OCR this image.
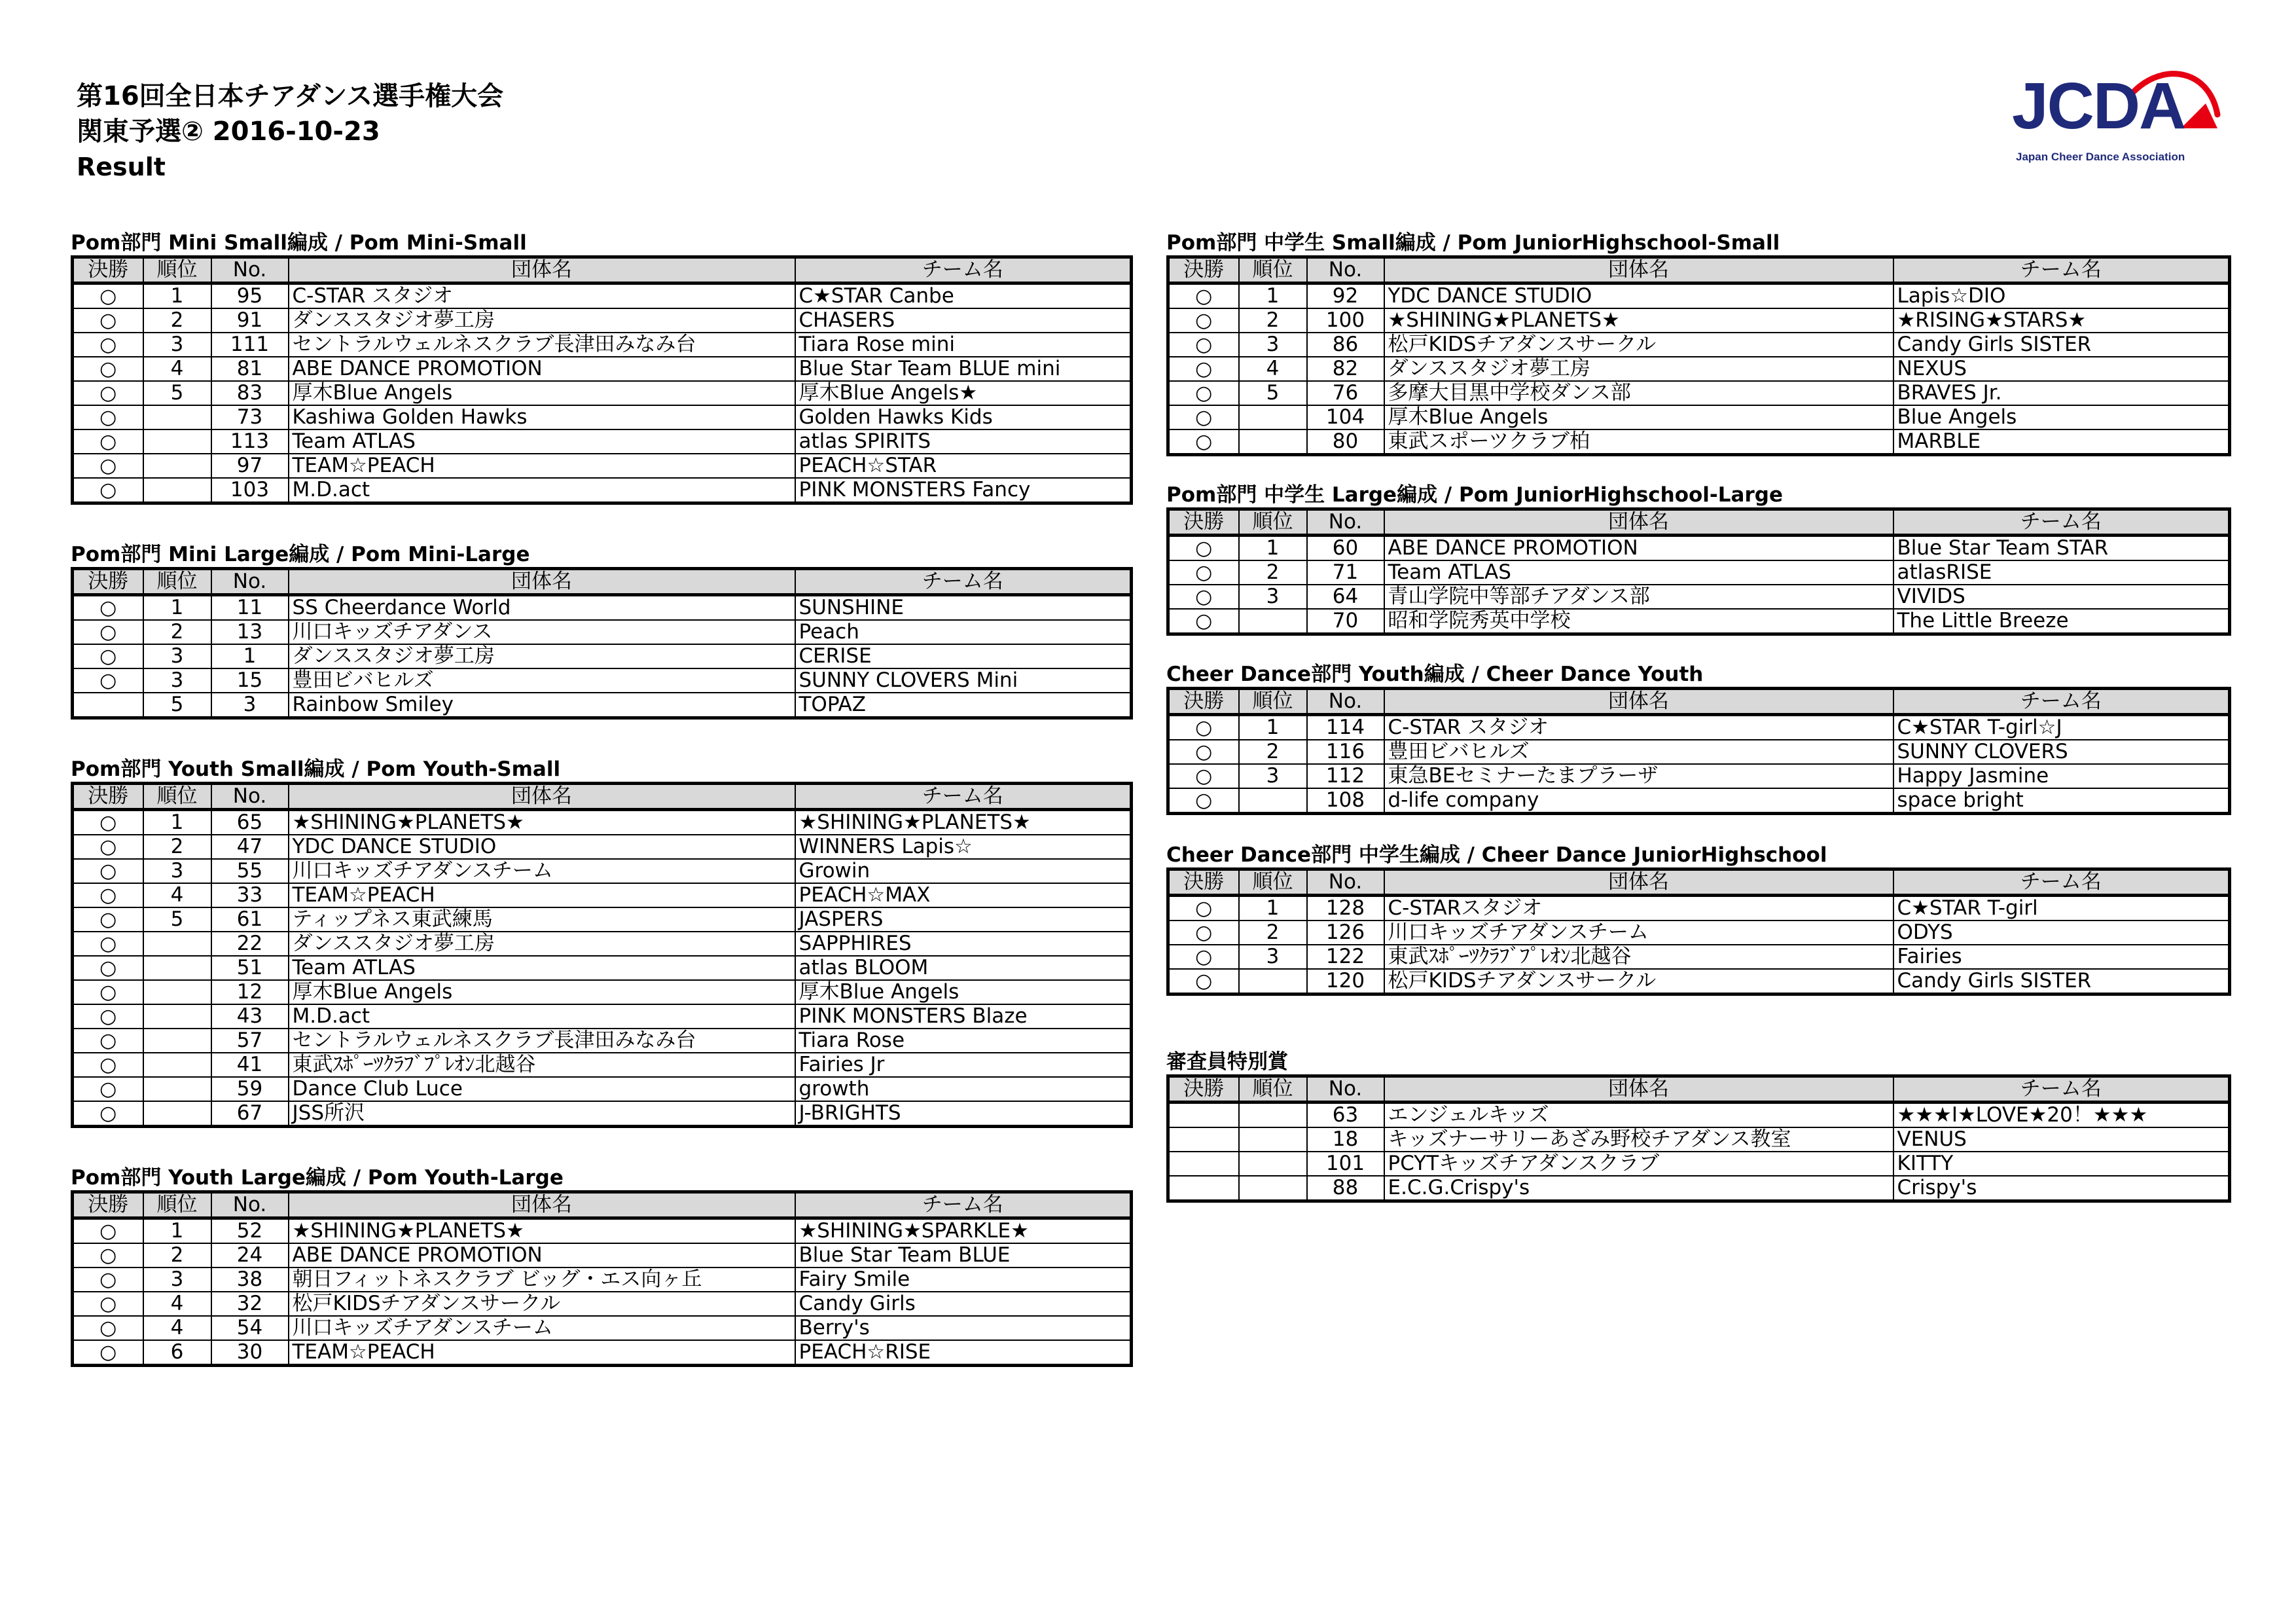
第16回全日本チアダンス選手権大会
関東予選② 2016-10-23
Result
JCDA
Japan Cheer Dance Association
Pom部門 Mini Small編成 / Pom Mini-Small
決勝	順位	No.	団体名	チーム名
○	1	95	C-STAR スタジオ	C★STAR Canbe
○	2	91	ダンススタジオ夢工房	CHASERS
○	3	111	セントラルウェルネスクラブ長津田みなみ台	Tiara Rose mini
○	4	81	ABE DANCE PROMOTION	Blue Star Team BLUE mini
○	5	83	厚木Blue Angels	厚木Blue Angels★
○		73	Kashiwa Golden Hawks	Golden Hawks Kids
○		113	Team ATLAS	atlas SPIRITS
○		97	TEAM☆PEACH	PEACH☆STAR
○		103	M.D.act	PINK MONSTERS Fancy
Pom部門 Mini Large編成 / Pom Mini-Large
決勝	順位	No.	団体名	チーム名
○	1	11	SS Cheerdance World	SUNSHINE
○	2	13	川口キッズチアダンス	Peach
○	3	1	ダンススタジオ夢工房	CERISE
○	3	15	豊田ビバヒルズ	SUNNY CLOVERS Mini
	5	3	Rainbow Smiley	TOPAZ
Pom部門 Youth Small編成 / Pom Youth-Small
決勝	順位	No.	団体名	チーム名
○	1	65	★SHINING★PLANETS★	★SHINING★PLANETS★
○	2	47	YDC DANCE STUDIO	WINNERS Lapis☆
○	3	55	川口キッズチアダンスチーム	Growin
○	4	33	TEAM☆PEACH	PEACH☆MAX
○	5	61	ティップネス東武練馬	JASPERS
○		22	ダンススタジオ夢工房	SAPPHIRES
○		51	Team ATLAS	atlas BLOOM
○		12	厚木Blue Angels	厚木Blue Angels
○		43	M.D.act	PINK MONSTERS Blaze
○		57	セントラルウェルネスクラブ長津田みなみ台	Tiara Rose
○		41	東武ｽﾎﾟｰﾂｸﾗﾌﾞﾌﾟﾚｵﾝ北越谷	Fairies Jr
○		59	Dance Club Luce	growth
○		67	JSS所沢	J-BRIGHTS
Pom部門 Youth Large編成 / Pom Youth-Large
決勝	順位	No.	団体名	チーム名
○	1	52	★SHINING★PLANETS★	★SHINING★SPARKLE★
○	2	24	ABE DANCE PROMOTION	Blue Star Team BLUE
○	3	38	朝日フィットネスクラブ ビッグ・エス向ヶ丘	Fairy Smile
○	4	32	松戸KIDSチアダンスサークル	Candy Girls
○	4	54	川口キッズチアダンスチーム	Berry's
○	6	30	TEAM☆PEACH	PEACH☆RISE
Pom部門 中学生 Small編成 / Pom JuniorHighschool-Small
決勝	順位	No.	団体名	チーム名
○	1	92	YDC DANCE STUDIO	Lapis☆DIO
○	2	100	★SHINING★PLANETS★	★RISING★STARS★
○	3	86	松戸KIDSチアダンスサークル	Candy Girls SISTER
○	4	82	ダンススタジオ夢工房	NEXUS
○	5	76	多摩大目黒中学校ダンス部	BRAVES Jr.
○		104	厚木Blue Angels	Blue Angels
○		80	東武スポーツクラブ柏	MARBLE
Pom部門 中学生 Large編成 / Pom JuniorHighschool-Large
決勝	順位	No.	団体名	チーム名
○	1	60	ABE DANCE PROMOTION	Blue Star Team STAR
○	2	71	Team ATLAS	atlasRISE
○	3	64	青山学院中等部チアダンス部	VIVIDS
○		70	昭和学院秀英中学校	The Little Breeze
Cheer Dance部門 Youth編成 / Cheer Dance Youth
決勝	順位	No.	団体名	チーム名
○	1	114	C-STAR スタジオ	C★STAR T-girl☆J
○	2	116	豊田ビバヒルズ	SUNNY CLOVERS
○	3	112	東急BEセミナーたまプラーザ	Happy Jasmine
○		108	d-life company	space bright
Cheer Dance部門 中学生編成 / Cheer Dance JuniorHighschool
決勝	順位	No.	団体名	チーム名
○	1	128	C-STARスタジオ	C★STAR T-girl
○	2	126	川口キッズチアダンスチーム	ODYS
○	3	122	東武ｽﾎﾟｰﾂｸﾗﾌﾞﾌﾟﾚｵﾝ北越谷	Fairies
○		120	松戸KIDSチアダンスサークル	Candy Girls SISTER
審査員特別賞
決勝	順位	No.	団体名	チーム名
		63	エンジェルキッズ	★★★I★LOVE★20！★★★
		18	キッズナーサリーあざみ野校チアダンス教室	VENUS
		101	PCYTキッズチアダンスクラブ	KITTY
		88	E.C.G.Crispy's	Crispy's
